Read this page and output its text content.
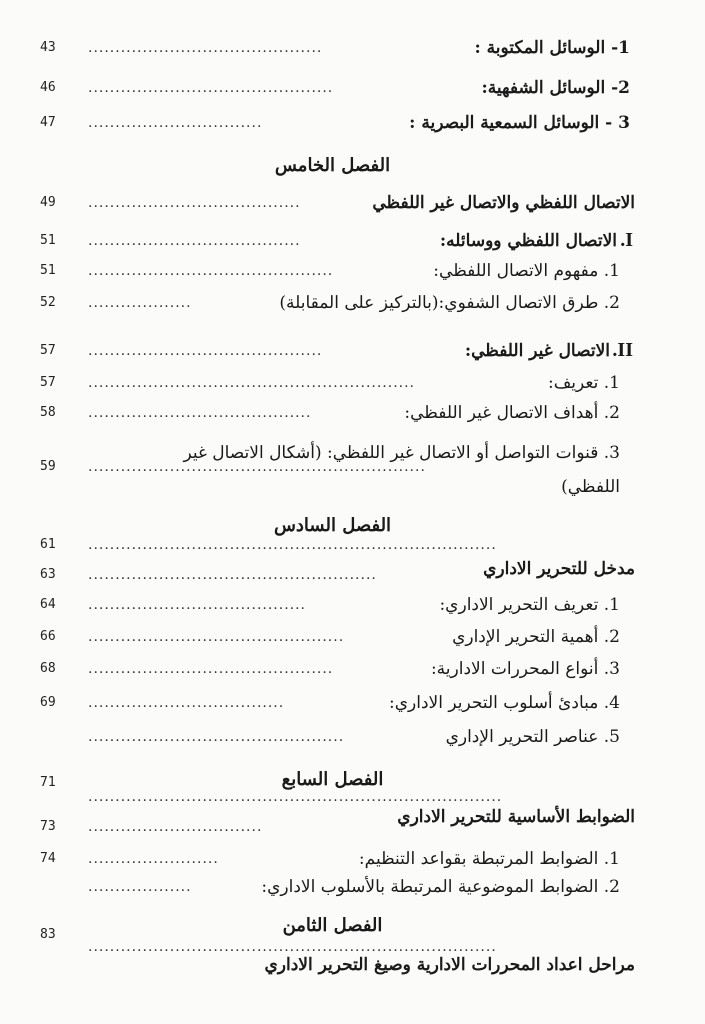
1- الوسائل المكتوبة :
...........................................
43
2- الوسائل الشفهية:
.............................................
46
3 - الوسائل السمعية البصرية :
................................
47
الفصل الخامس
الاتصال اللفظي والاتصال غير اللفظي
.......................................
49
الاتصال اللفظي ووسائله:
.......................................
51	I.
1. مفهوم الاتصال اللفظي:
.............................................
51
2. طرق الاتصال الشفوي:(بالتركيز على المقابلة)
...................
52
الاتصال غير اللفظي:
...........................................
57	II.
1. تعريف:
............................................................
57
2. أهداف الاتصال غير اللفظي:
.........................................
58
3. قنوات التواصل أو الاتصال غير اللفظي: (أشكال الاتصال غير
اللفظي)
..............................................................
59
الفصل السادس
...........................................................................
61
مدخل للتحرير الاداري
.....................................................
63
1. تعريف التحرير الاداري:
........................................
64
2. أهمية التحرير الإداري
...............................................
66
3. أنواع المحررات الادارية:
.............................................
68
4. مبادئ أسلوب التحرير الاداري:
....................................
69
5. عناصر التحرير الإداري
...............................................
الفصل السابع
............................................................................
71
الضوابط الأساسية للتحرير الاداري
................................
73
1. الضوابط المرتبطة بقواعد التنظيم:
........................
74
2. الضوابط الموضوعية المرتبطة بالأسلوب الاداري:
...................
الفصل الثامن
...........................................................................
83
مراحل اعداد المحررات الادارية وصيغ التحرير الاداري
